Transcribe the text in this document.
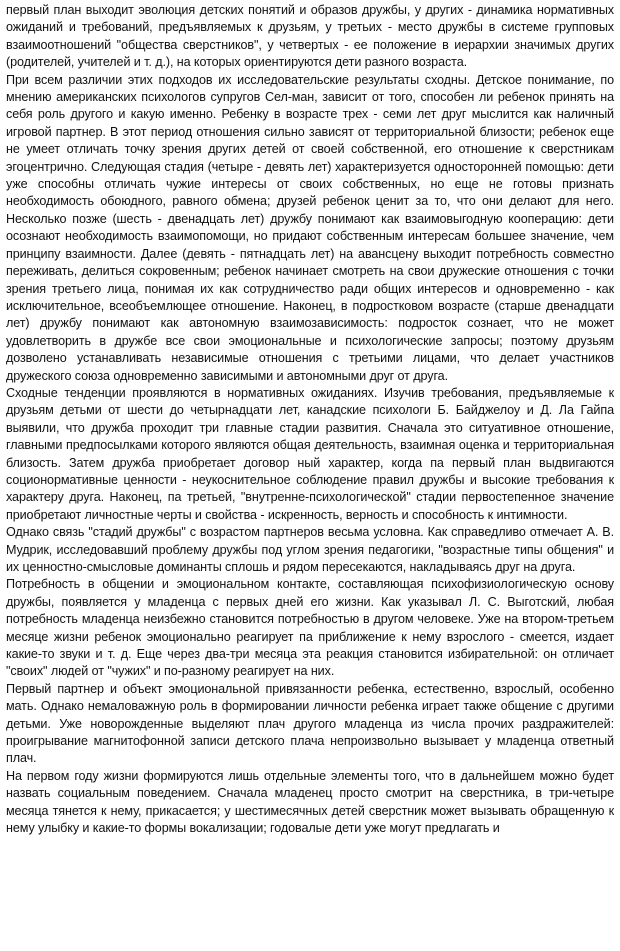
первый план выходит эволюция детских понятий и образов дружбы, у других - динамика нормативных ожиданий и требований, предъявляемых к друзьям, у третьих - место дружбы в системе групповых взаимоотношений "общества сверстников", у четвертых - ее положение в иерархии значимых других (родителей, учителей и т. д.), на которых ориентируются дети разного возраста.

При всем различии этих подходов их исследовательские результаты сходны. Детское понимание, по мнению американских психологов супругов Сел-ман, зависит от того, способен ли ребенок принять на себя роль другого и какую именно. Ребенку в возрасте трех - семи лет друг мыслится как наличный игровой партнер. В этот период отношения сильно зависят от территориальной близости; ребенок еще не умеет отличать точку зрения других детей от своей собственной, его отношение к сверстникам эгоцентрично. Следующая стадия (четыре - девять лет) характеризуется односторонней помощью: дети уже способны отличать чужие интересы от своих собственных, но еще не готовы признать необходимость обоюдного, равного обмена; друзей ребенок ценит за то, что они делают для него. Несколько позже (шесть - двенадцать лет) дружбу понимают как взаимовыгодную кооперацию: дети осознают необходимость взаимопомощи, но придают собственным интересам большее значение, чем принципу взаимности. Далее (девять - пятнадцать лет) на авансцену выходит потребность совместно переживать, делиться сокровенным; ребенок начинает смотреть на свои дружеские отношения с точки зрения третьего лица, понимая их как сотрудничество ради общих интересов и одновременно - как исключительное, всеобъемлющее отношение. Наконец, в подростковом возрасте (старше двенадцати лет) дружбу понимают как автономную взаимозависимость: подросток сознает, что не может удовлетворить в дружбе все свои эмоциональные и психологические запросы; поэтому друзьям дозволено устанавливать независимые отношения с третьими лицами, что делает участников дружеского союза одновременно зависимыми и автономными друг от друга.

Сходные тенденции проявляются в нормативных ожиданиях. Изучив требования, предъявляемые к друзьям детьми от шести до четырнадцати лет, канадские психологи Б. Байджелоу и Д. Ла Гайпа выявили, что дружба проходит три главные стадии развития. Сначала это ситуативное отношение, главными предпосылками которого являются общая деятельность, взаимная оценка и территориальная близость. Затем дружба приобретает договор ный характер, когда па первый план выдвигаются соционормативные ценности - неукоснительное соблюдение правил дружбы и высокие требования к характеру друга. Наконец, па третьей, "внутренне-психологической" стадии первостепенное значение приобретают личностные черты и свойства - искренность, верность и способность к интимности.

Однако связь "стадий дружбы" с возрастом партнеров весьма условна. Как справедливо отмечает А. В. Мудрик, исследовавший проблему дружбы под углом зрения педагогики, "возрастные типы общения" и их ценностно-смысловые доминанты сплошь и рядом пересекаются, накладываясь друг на друга.

Потребность в общении и эмоциональном контакте, составляющая психофизиологическую основу дружбы, появляется у младенца с первых дней его жизни. Как указывал Л. С. Выготский, любая потребность младенца неизбежно становится потребностью в другом человеке. Уже на втором-третьем месяце жизни ребенок эмоционально реагирует па приближение к нему взрослого - смеется, издает какие-то звуки и т. д. Еще через два-три месяца эта реакция становится избирательной: он отличает "своих" людей от "чужих" и по-разному реагирует на них.

Первый партнер и объект эмоциональной привязанности ребенка, естественно, взрослый, особенно мать. Однако немаловажную роль в формировании личности ребенка играет также общение с другими детьми. Уже новорожденные выделяют плач другого младенца из числа прочих раздражителей: проигрывание магнитофонной записи детского плача непроизвольно вызывает у младенца ответный плач.

На первом году жизни формируются лишь отдельные элементы того, что в дальнейшем можно будет назвать социальным поведением. Сначала младенец просто смотрит на сверстника, в три-четыре месяца тянется к нему, прикасается; у шестимесячных детей сверстник может вызывать обращенную к нему улыбку и какие-то формы вокализации; годовалые дети уже могут предлагать и
